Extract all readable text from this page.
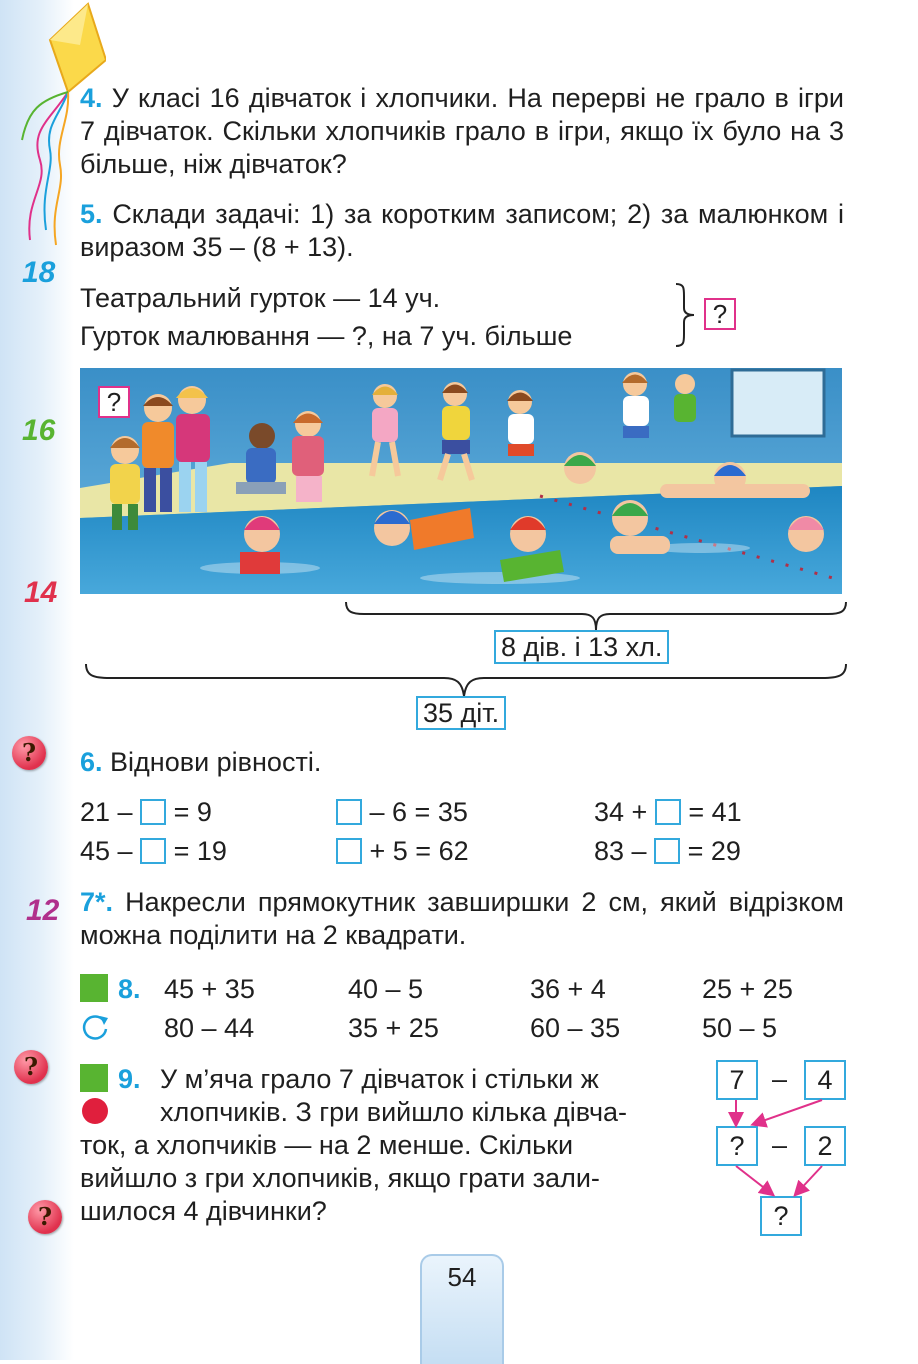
18
16
14
12
?
?
?
4. У класі 16 дівчаток і хлопчики. На перерві не грало в ігри 7 дівчаток. Скільки хлопчиків грало в ігри, якщо їх було на 3 більше, ніж дівчаток?
5. Склади задачі: 1) за коротким записом; 2) за малюнком і виразом 35 – (8 + 13).
Театральний гурток — 14 уч.
Гурток малювання — ?, на 7 уч. більше
?
?
8 дів. і 13 хл.
35 діт.
6. Віднови рівності.
21 – = 9	– 6 = 35	34 + = 41
45 – = 19	+ 5 = 62	83 – = 29
7*. Накресли прямокутник завширшки 2 см, який відрізком можна поділити на 2 квадрати.
8. 45 + 35	40 – 5	36 + 4	25 + 25
80 – 44	35 + 25	60 – 35	50 – 5
9. У м’яча грало 7 дівчаток і стільки ж
хлопчиків. З гри вийшло кілька дівча-
ток, а хлопчиків — на 2 менше. Скільки
вийшло з гри хлопчиків, якщо грати зали-
шилося 4 дівчинки?
7	–	4
?	–	2
?
54
